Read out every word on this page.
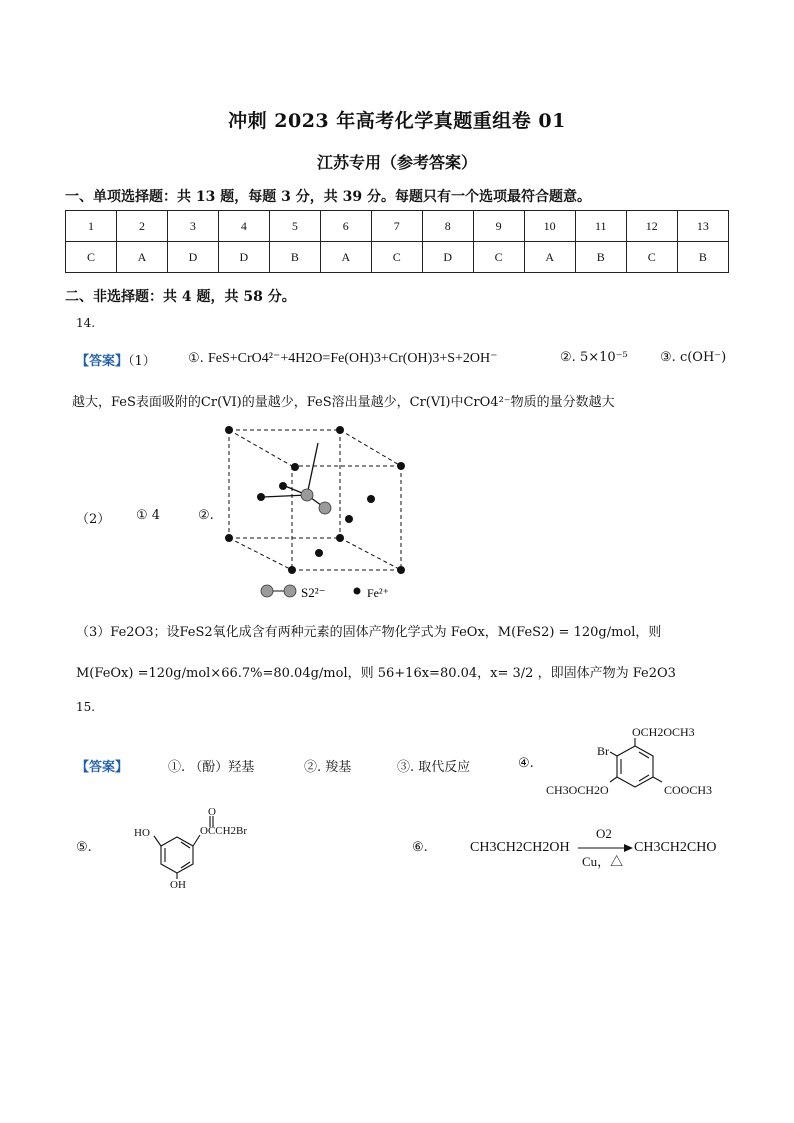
冲刺 2023 年高考化学真题重组卷 01
江苏专用（参考答案）
一、单项选择题：共 13 题，每题 3 分，共 39 分。每题只有一个选项最符合题意。
1	2	3	4	5	6	7	8	9	10	11	12	13
C	A	D	D	B	A	C	D	C	A	B	C	B
二、非选择题：共 4 题，共 58 分。
14.
【答案】（1） ①. FeS+CrO4²⁻+4H2O=Fe(OH)3+Cr(OH)3+S+2OH⁻	②. 5×10⁻⁵ ③. c(OH⁻)
越大，FeS表面吸附的Cr(VI)的量越少，FeS溶出量越少，Cr(VI)中CrO4²⁻物质的量分数越大
（2） ① 4	②.
S2²⁻	Fe²⁺
（3）Fe2O3；设FeS2氧化成含有两种元素的固体产物化学式为 FeOx，M(FeS2) = 120g/mol，则
M(FeOx) =120g/mol×66.7%=80.04g/mol，则 56+16x=80.04，x= 3/2 ，即固体产物为 Fe2O3
15.
【答案】	①. （酚）羟基	②. 羧基	③. 取代反应	④.
OCH2OCH3
Br
CH3OCH2O	COOCH3
⑤.
O
HO	OCCH2Br
OH
⑥.	CH3CH2CH2OH
O2
Cu，△
CH3CH2CHO
